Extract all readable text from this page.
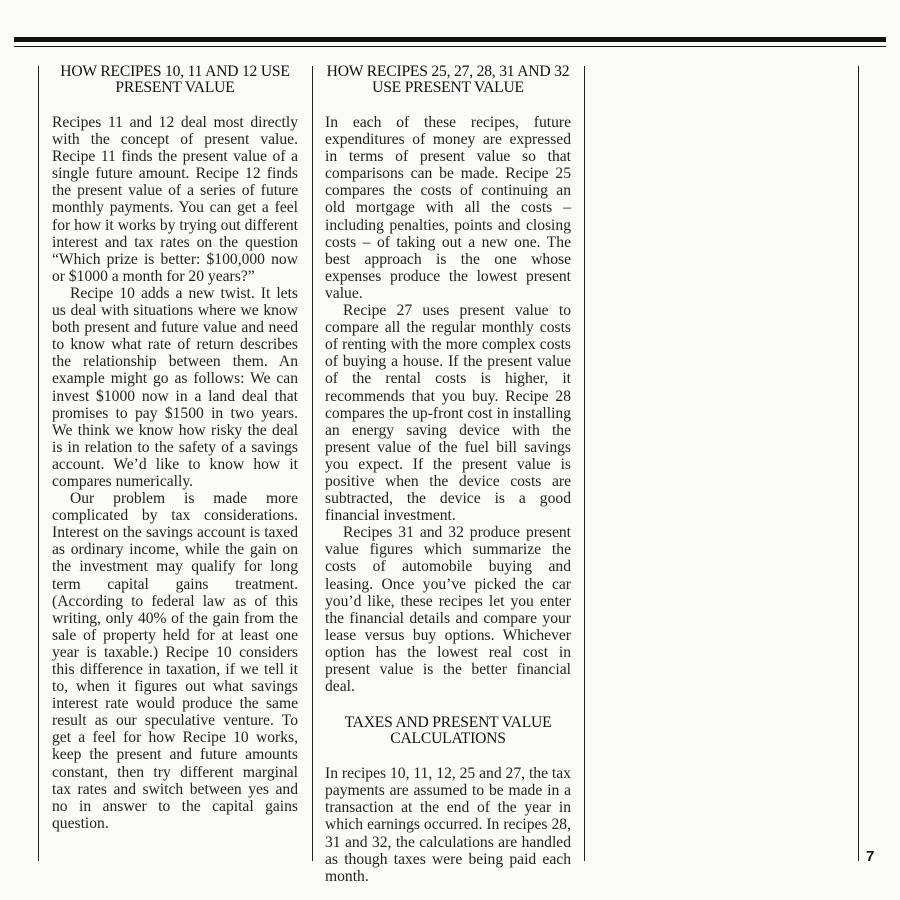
HOW RECIPES 10, 11 AND 12 USE PRESENT VALUE

Recipes 11 and 12 deal most directly with the concept of present value. Recipe 11 finds the present value of a single future amount. Recipe 12 finds the present value of a series of future monthly payments. You can get a feel for how it works by trying out different interest and tax rates on the question “Which prize is better: $100,000 now or $1000 a month for 20 years?”

Recipe 10 adds a new twist. It lets us deal with situations where we know both present and future value and need to know what rate of return describes the relationship between them. An example might go as follows: We can invest $1000 now in a land deal that promises to pay $1500 in two years. We think we know how risky the deal is in relation to the safety of a savings account. We’d like to know how it compares numerically.

Our problem is made more complicated by tax considerations. Interest on the savings account is taxed as ordinary income, while the gain on the investment may qualify for long term capital gains treatment. (According to federal law as of this writing, only 40% of the gain from the sale of property held for at least one year is taxable.) Recipe 10 considers this difference in taxation, if we tell it to, when it figures out what savings interest rate would produce the same result as our speculative venture. To get a feel for how Recipe 10 works, keep the present and future amounts constant, then try different marginal tax rates and switch between yes and no in answer to the capital gains question.

HOW RECIPES 25, 27, 28, 31 AND 32 USE PRESENT VALUE

In each of these recipes, future expenditures of money are expressed in terms of present value so that comparisons can be made. Recipe 25 compares the costs of continuing an old mortgage with all the costs – including penalties, points and closing costs – of taking out a new one. The best approach is the one whose expenses produce the lowest present value.

Recipe 27 uses present value to compare all the regular monthly costs of renting with the more complex costs of buying a house. If the present value of the rental costs is higher, it recommends that you buy. Recipe 28 compares the up-front cost in installing an energy saving device with the present value of the fuel bill savings you expect. If the present value is positive when the device costs are subtracted, the device is a good financial investment.

Recipes 31 and 32 produce present value figures which summarize the costs of automobile buying and leasing. Once you’ve picked the car you’d like, these recipes let you enter the financial details and compare your lease versus buy options. Whichever option has the lowest real cost in present value is the better financial deal.

TAXES AND PRESENT VALUE CALCULATIONS

In recipes 10, 11, 12, 25 and 27, the tax payments are assumed to be made in a transaction at the end of the year in which earnings occurred. In recipes 28, 31 and 32, the calculations are handled as though taxes were being paid each month.

7
